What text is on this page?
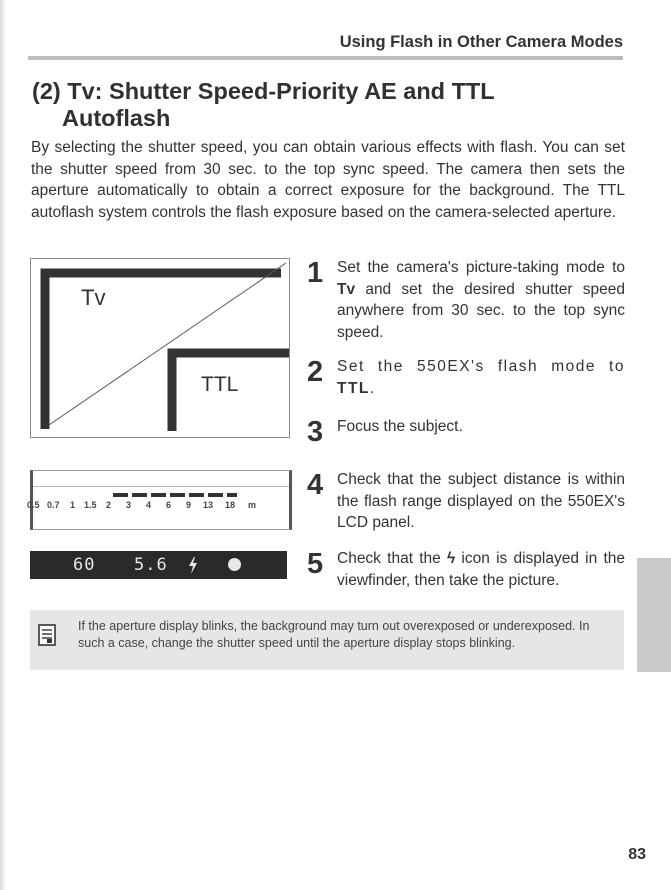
Using Flash in Other Camera Modes
(2) Tv: Shutter Speed-Priority AE and TTL
Autoflash
By selecting the shutter speed, you can obtain various effects with flash. You can set the shutter speed from 30 sec. to the top sync speed. The camera then sets the aperture automatically to obtain a correct exposure for the background. The TTL autoflash system controls the flash exposure based on the camera-selected aperture.
Tv
TTL
0.5 0.7 1 1.5 2 3 4 6 9 13 18 m
60 5.6
1 Set the camera's picture-taking mode to Tv and set the desired shutter speed anywhere from 30 sec. to the top sync speed.
2 Set the 550EX's flash mode to TTL.
3 Focus the subject.
4 Check that the subject distance is within the flash range displayed on the 550EX's LCD panel.
5 Check that the ϟ icon is displayed in the viewfinder, then take the picture.
If the aperture display blinks, the background may turn out overexposed or underexposed. In such a case, change the shutter speed until the aperture display stops blinking.
83
